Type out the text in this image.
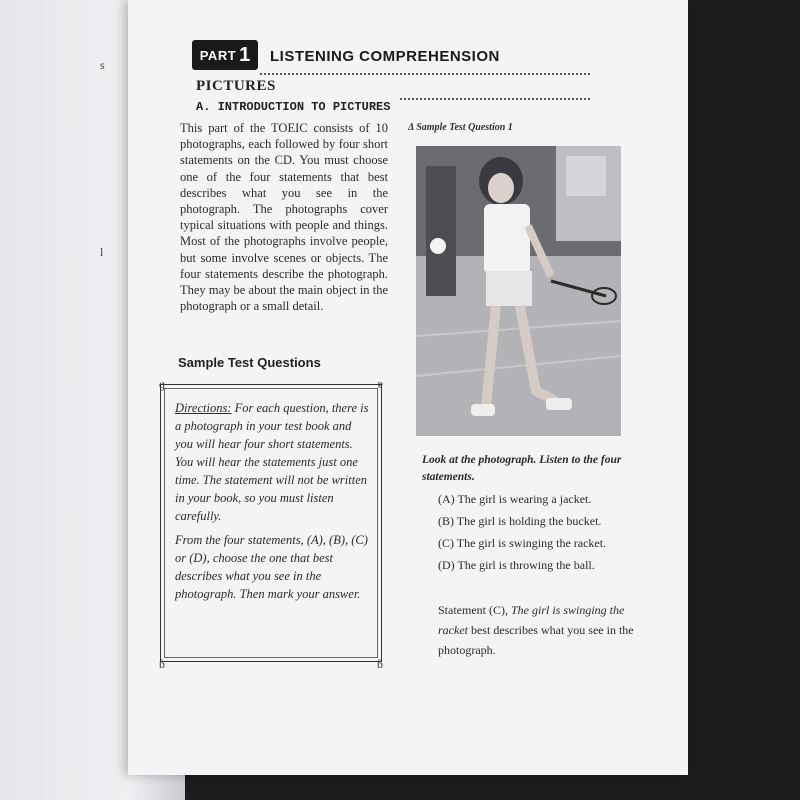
s
l
PART 1 LISTENING COMPREHENSION
PICTURES
A. INTRODUCTION TO PICTURES
This part of the TOEIC consists of 10 photographs, each followed by four short statements on the CD. You must choose one of the four statements that best describes what you see in the photograph. The photographs cover typical situations with people and things. Most of the photographs involve people, but some involve scenes or objects. The four statements describe the photograph. They may be about the main object in the photograph or a small detail.
Sample Test Questions
ɡ	ɐ
ɓ	ɓ

Directions: For each question, there is a photograph in your test book and you will hear four short statements. You will hear the statements just one time. The statement will not be written in your book, so you must listen carefully.

From the four statements, (A), (B), (C) or (D), choose the one that best describes what you see in the photograph. Then mark your answer.

Δ Sample Test Question 1
Look at the photograph. Listen to the four statements.
(A) The girl is wearing a jacket.
(B) The girl is holding the bucket.
(C) The girl is swinging the racket.
(D) The girl is throwing the ball.
Statement (C), The girl is swinging the racket best describes what you see in the photograph.
